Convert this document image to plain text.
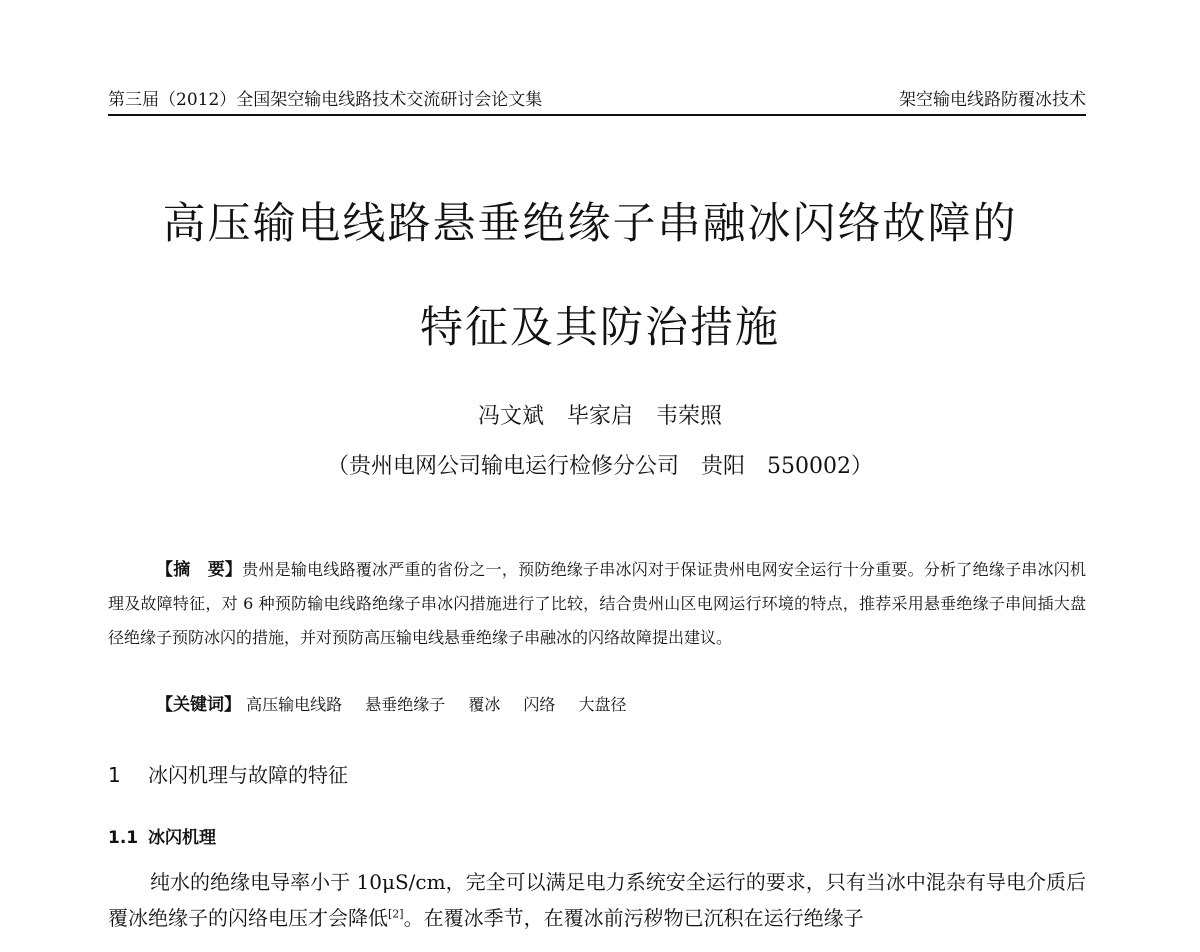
第三届（2012）全国架空输电线路技术交流研讨会论文集	架空输电线路防覆冰技术
高压输电线路悬垂绝缘子串融冰闪络故障的
特征及其防治措施
冯文斌 毕家启 韦荣照
（贵州电网公司输电运行检修分公司　贵阳　550002）
【摘　要】贵州是输电线路覆冰严重的省份之一，预防绝缘子串冰闪对于保证贵州电网安全运行十分重要。分析了绝缘子串冰闪机理及故障特征，对 6 种预防输电线路绝缘子串冰闪措施进行了比较，结合贵州山区电网运行环境的特点，推荐采用悬垂绝缘子串间插大盘径绝缘子预防冰闪的措施，并对预防高压输电线悬垂绝缘子串融冰的闪络故障提出建议。
【关键词】 高压输电线路 悬垂绝缘子 覆冰 闪络 大盘径
1 冰闪机理与故障的特征
1.1 冰闪机理
纯水的绝缘电导率小于 10μS/cm，完全可以满足电力系统安全运行的要求，只有当冰中混杂有导电介质后覆冰绝缘子的闪络电压才会降低[2]。在覆冰季节，在覆冰前污秽物已沉积在运行绝缘子
